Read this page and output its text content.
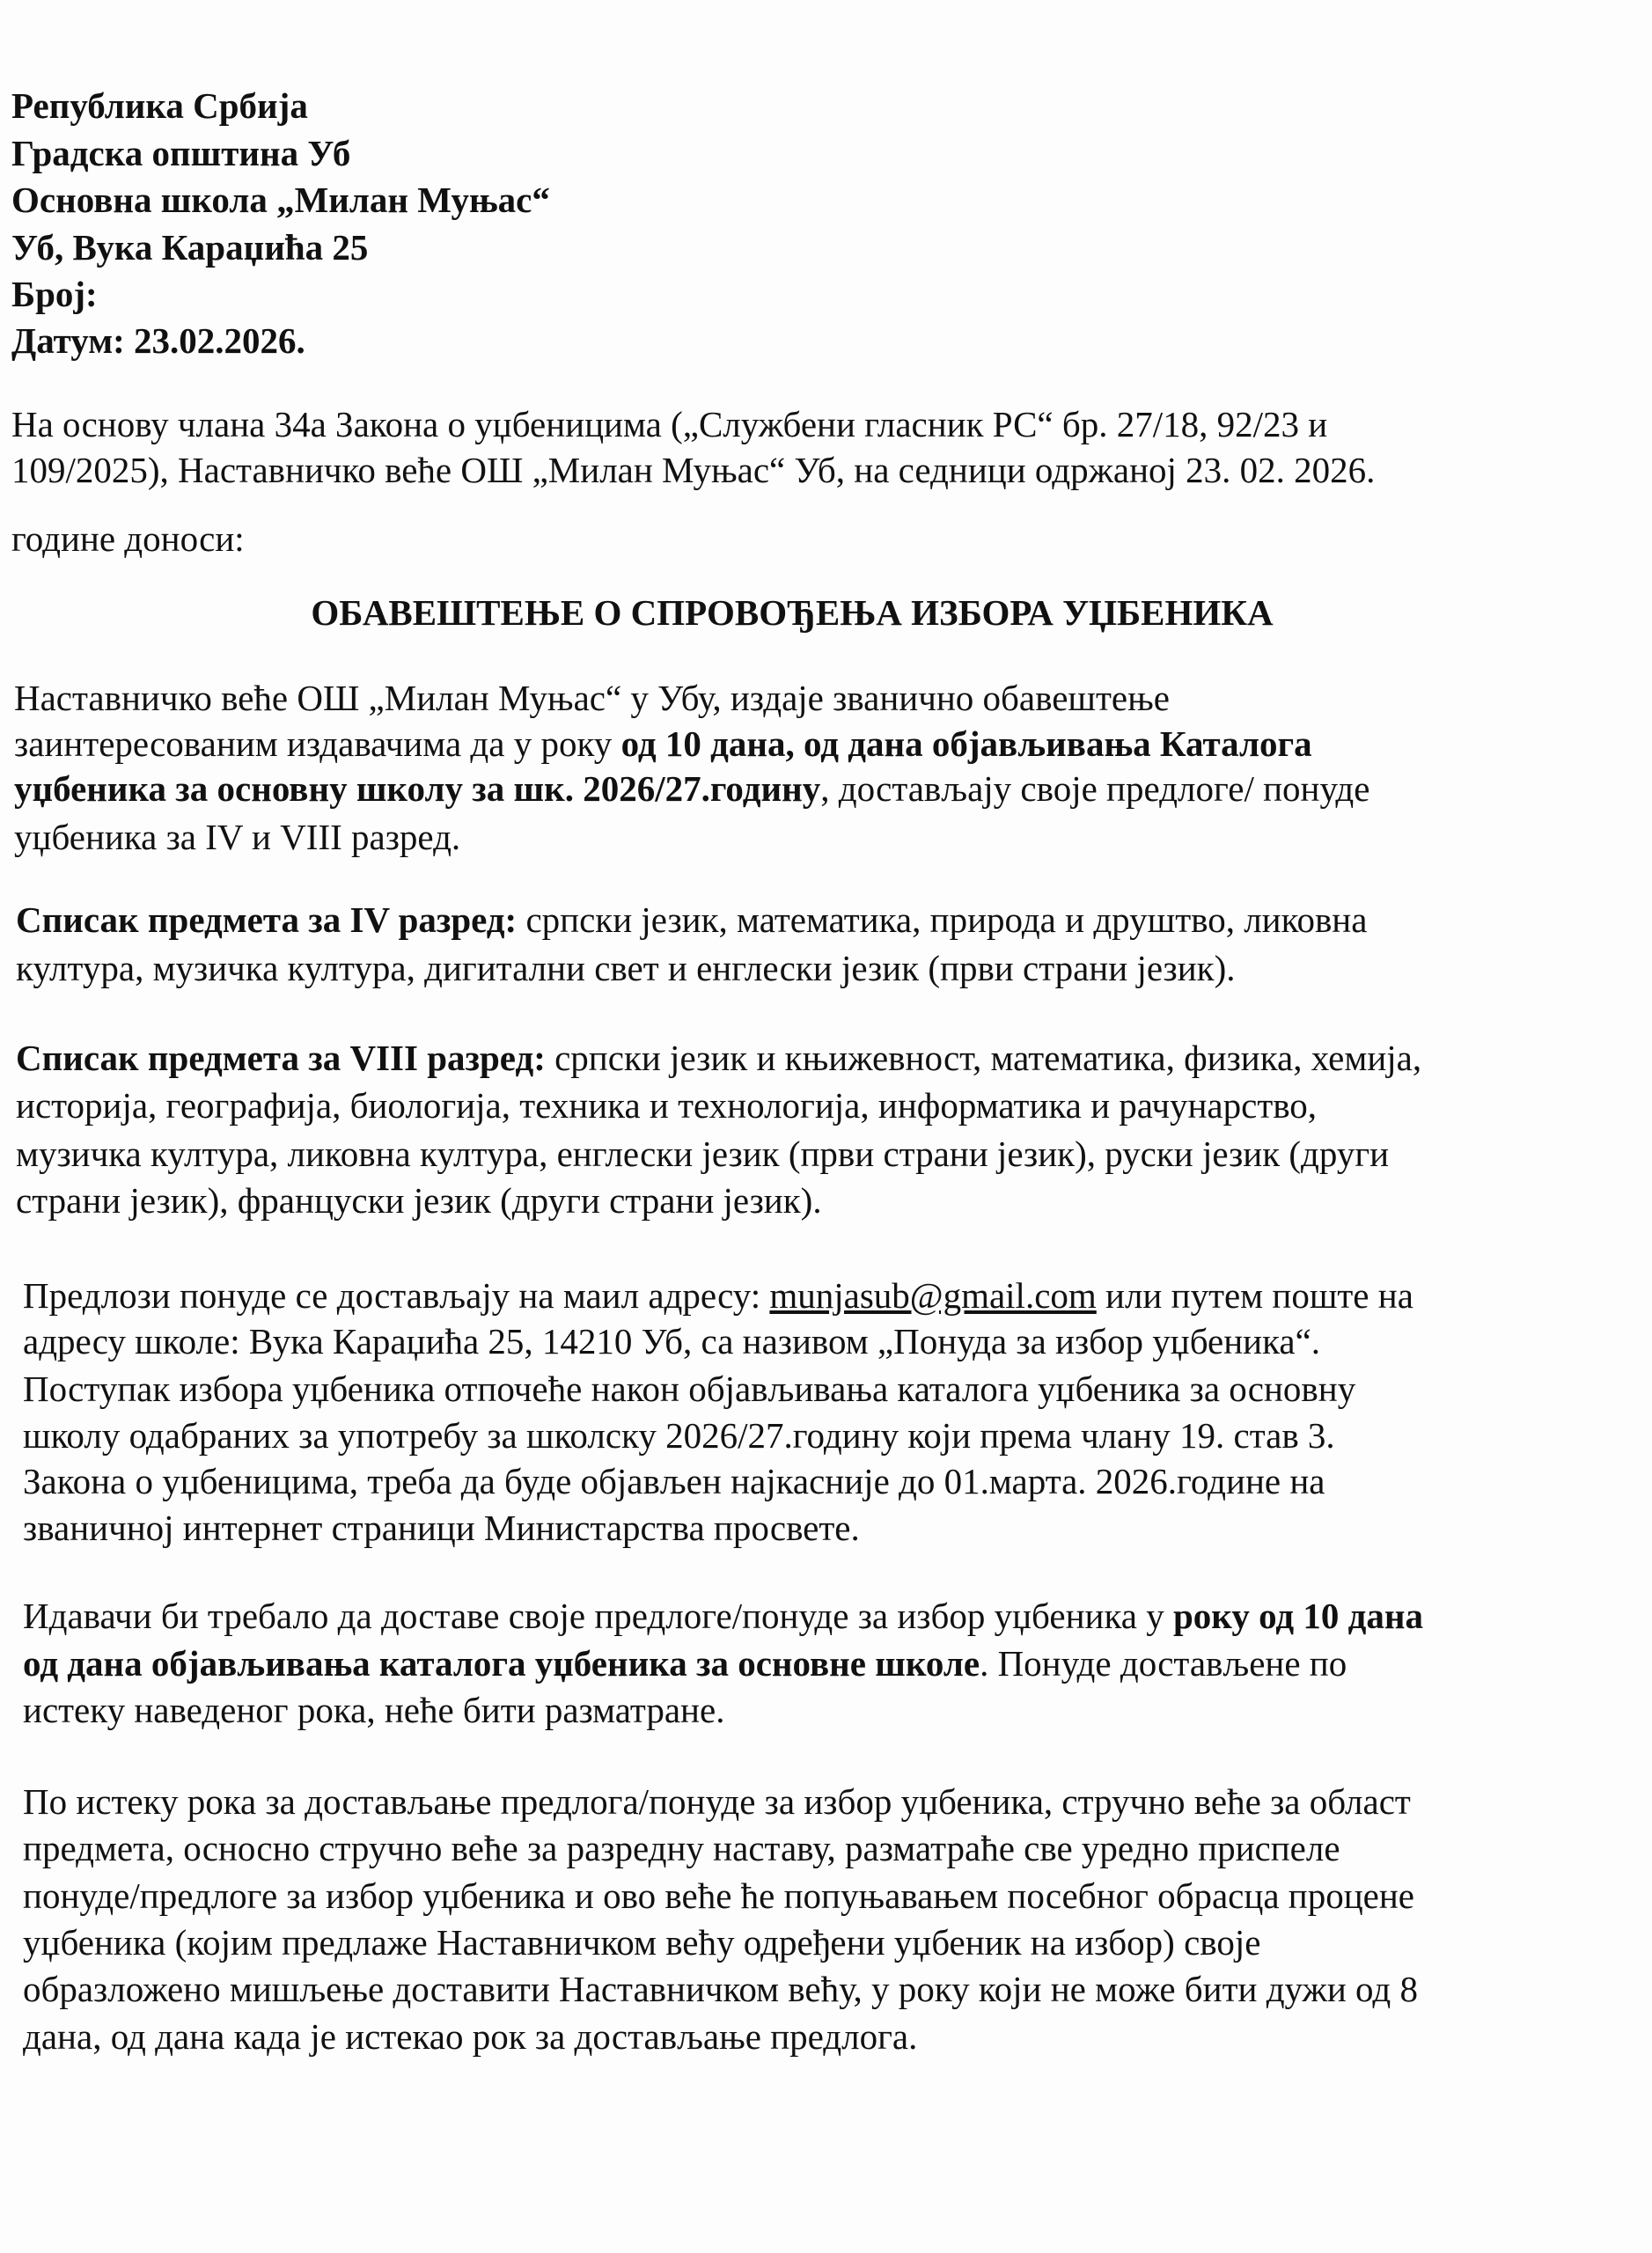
Република Србија
Градска општина Уб
Основна школа „Милан Муњас“
Уб, Вука Караџића 25
Број:
Датум: 23.02.2026.
На основу члана 34а Закона о уџбеницима („Службени гласник РС“ бр. 27/18, 92/23 и
109/2025), Наставничко веће ОШ „Милан Муњас“ Уб, на седници одржаној 23. 02. 2026.
године доноси:
ОБАВЕШТЕЊЕ О СПРОВОЂЕЊА ИЗБОРА УЏБЕНИКА
Наставничко веће ОШ „Милан Муњас“ у Убу, издаје званично обавештење
заинтересованим издавачима да у року од 10 дана, од дана објављивања Каталога
уџбеника за основну школу за шк. 2026/27.годину, достављају своје предлоге/ понуде
уџбеника за IV и VIII разред.
Списак предмета за IV разред: српски језик, математика, природа и друштво, ликовна
култура, музичка култура, дигитални свет и енглески језик (први страни језик).
Списак предмета за VIII разред: српски језик и књижевност, математика, физика, хемија,
историја, географија, биологија, техника и технологија, информатика и рачунарство,
музичка култура, ликовна култура, енглески језик (први страни језик), руски језик (други
страни језик), француски језик (други страни језик).
Предлози понуде се достављају на маил адресу: munjasub@gmail.com или путем поште на
адресу школе: Вука Караџића 25, 14210 Уб, са називом „Понуда за избор уџбеника“.
Поступак избора уџбеника отпочеће након објављивања каталога уџбеника за основну
школу одабраних за употребу за школску 2026/27.годину који према члану 19. став 3.
Закона о уџбеницима, треба да буде објављен најкасније до 01.марта. 2026.године на
званичној интернет страници Министарства просвете.
Идавачи би требало да доставе своје предлоге/понуде за избор уџбеника у року од 10 дана
од дана објављивања каталога уџбеника за основне школе. Понуде достављене по
истеку наведеног рока, неће бити разматране.
По истеку рока за достављање предлога/понуде за избор уџбеника, стручно веће за област
предмета, осносно стручно веће за разредну наставу, разматраће све уредно приспеле
понуде/предлоге за избор уџбеника и ово веће ће попуњавањем посебног обрасца процене
уџбеника (којим предлаже Наставничком већу одређени уџбеник на избор) своје
образложено мишљење доставити Наставничком већу, у року који не може бити дужи од 8
дана, од дана када је истекао рок за достављање предлога.
